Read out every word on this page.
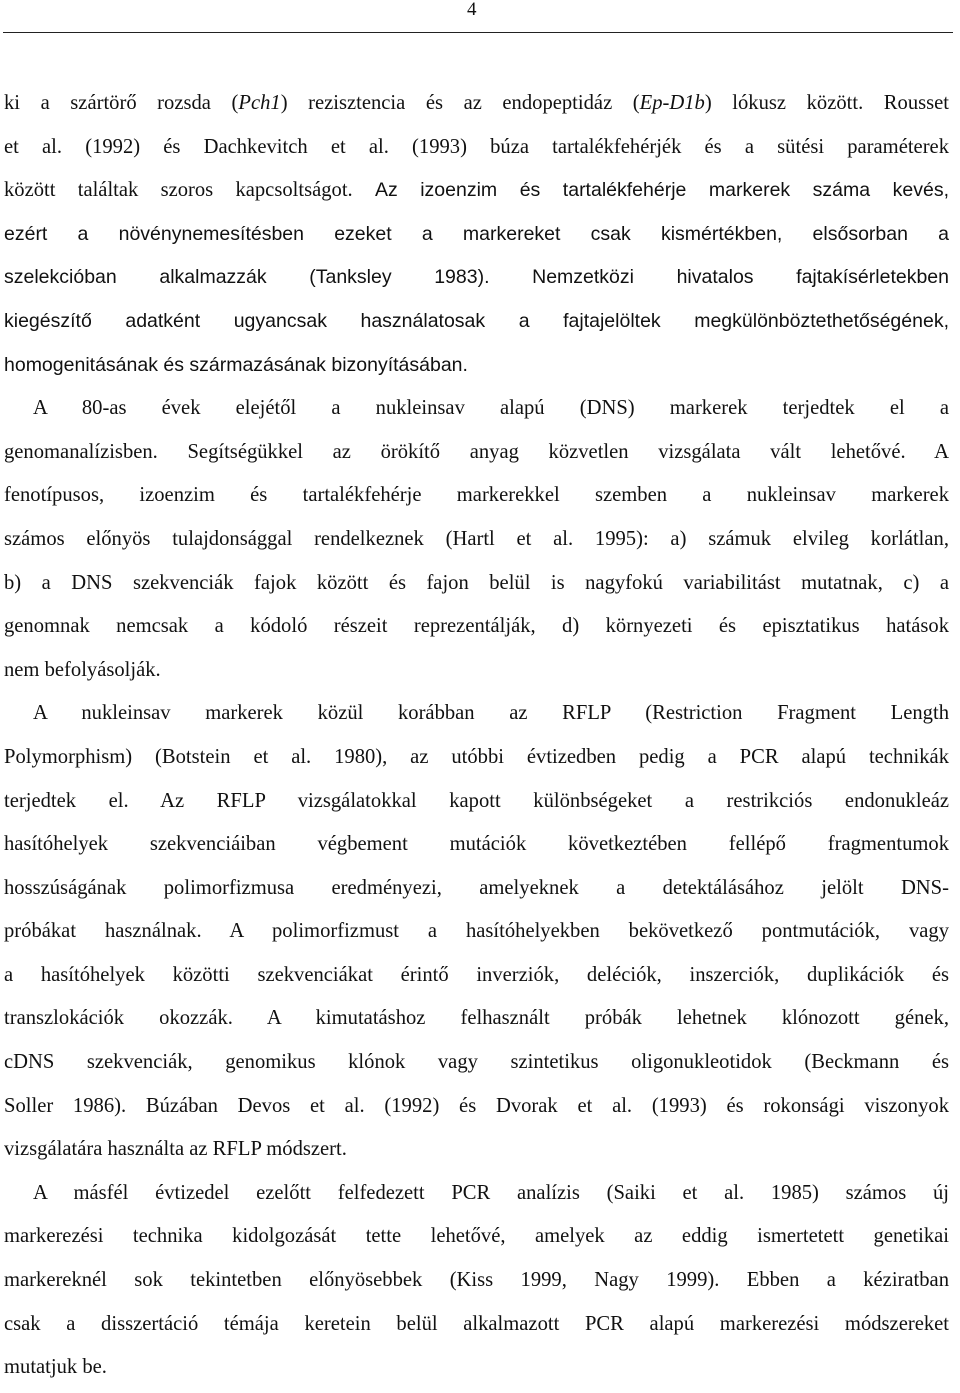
4

ki a szártörő rozsda (Pch1) rezisztencia és az endopeptidáz (Ep-D1b) lókusz között. Rousset
et al. (1992) és Dachkevitch et al. (1993) búza tartalékfehérjék és a sütési paraméterek
között találtak szoros kapcsoltságot. Az izoenzim és tartalékfehérje markerek száma kevés,
ezért a növénynemesítésben ezeket a markereket csak kismértékben, elsősorban a
szelekcióban alkalmazzák (Tanksley 1983). Nemzetközi hivatalos fajtakísérletekben
kiegészítő adatként ugyancsak használatosak a fajtajelöltek megkülönböztethetőségének,
homogenitásának és származásának bizonyításában.

A 80-as évek elejétől a nukleinsav alapú (DNS) markerek terjedtek el a
genomanalízisben. Segítségükkel az örökítő anyag közvetlen vizsgálata vált lehetővé. A
fenotípusos, izoenzim és tartalékfehérje markerekkel szemben a nukleinsav markerek
számos előnyös tulajdonsággal rendelkeznek (Hartl et al. 1995): a) számuk elvileg korlátlan,
b) a DNS szekvenciák fajok között és fajon belül is nagyfokú variabilitást mutatnak, c) a
genomnak nemcsak a kódoló részeit reprezentálják, d) környezeti és episztatikus hatások
nem befolyásolják.

A nukleinsav markerek közül korábban az RFLP (Restriction Fragment Length
Polymorphism) (Botstein et al. 1980), az utóbbi évtizedben pedig a PCR alapú technikák
terjedtek el. Az RFLP vizsgálatokkal kapott különbségeket a restrikciós endonukleáz
hasítóhelyek szekvenciáiban végbement mutációk következtében fellépő fragmentumok
hosszúságának polimorfizmusa eredményezi, amelyeknek a detektálásához jelölt DNS-
próbákat használnak. A polimorfizmust a hasítóhelyekben bekövetkező pontmutációk, vagy
a hasítóhelyek közötti szekvenciákat érintő inverziók, deléciók, inszerciók, duplikációk és
transzlokációk okozzák. A kimutatáshoz felhasznált próbák lehetnek klónozott gének,
cDNS szekvenciák, genomikus klónok vagy szintetikus oligonukleotidok (Beckmann és
Soller 1986). Búzában Devos et al. (1992) és Dvorak et al. (1993) és rokonsági viszonyok
vizsgálatára használta az RFLP módszert.

A másfél évtizedel ezelőtt felfedezett PCR analízis (Saiki et al. 1985) számos új
markerezési technika kidolgozását tette lehetővé, amelyek az eddig ismertetett genetikai
markereknél sok tekintetben előnyösebbek (Kiss 1999, Nagy 1999). Ebben a kéziratban
csak a disszertáció témája keretein belül alkalmazott PCR alapú markerezési módszereket
mutatjuk be.
